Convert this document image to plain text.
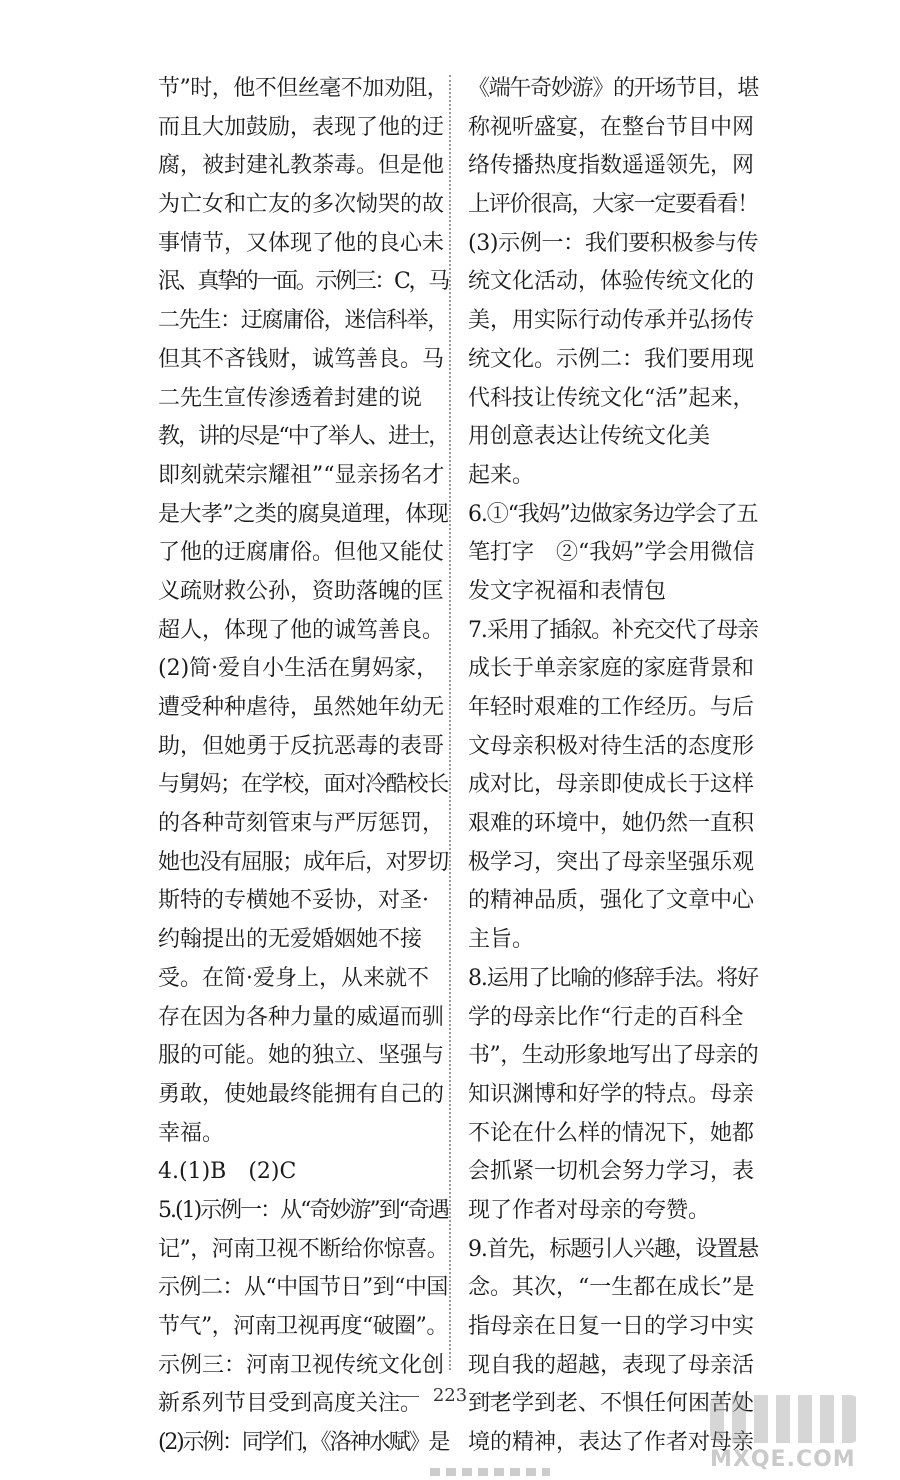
节”时，他不但丝毫不加劝阻，
而且大加鼓励，表现了他的迂
腐，被封建礼教荼毒。但是他
为亡女和亡友的多次恸哭的故
事情节，又体现了他的良心未
泯、真挚的一面。示例三：C，马
二先生：迂腐庸俗，迷信科举，
但其不吝钱财，诚笃善良。马
二先生宣传渗透着封建的说
教，讲的尽是“中了举人、进士，
即刻就荣宗耀祖”“显亲扬名才
是大孝”之类的腐臭道理，体现
了他的迂腐庸俗。但他又能仗
义疏财救公孙，资助落魄的匡
超人，体现了他的诚笃善良。
(2)简·爱自小生活在舅妈家，
遭受种种虐待，虽然她年幼无
助，但她勇于反抗恶毒的表哥
与舅妈；在学校，面对冷酷校长
的各种苛刻管束与严厉惩罚，
她也没有屈服；成年后，对罗切
斯特的专横她不妥协，对圣·
约翰提出的无爱婚姻她不接
受。在简·爱身上，从来就不
存在因为各种力量的威逼而驯
服的可能。她的独立、坚强与
勇敢，使她最终能拥有自己的
幸福。
4.(1)B　(2)C
5.(1)示例一：从“奇妙游”到“奇遇
记”，河南卫视不断给你惊喜。
示例二：从“中国节日”到“中国
节气”，河南卫视再度“破圈”。
示例三：河南卫视传统文化创
新系列节目受到高度关注。
(2)示例：同学们，《洛神水赋》是
《端午奇妙游》的开场节目，堪
称视听盛宴，在整台节目中网
络传播热度指数遥遥领先，网
上评价很高，大家一定要看看！
(3)示例一：我们要积极参与传
统文化活动，体验传统文化的
美，用实际行动传承并弘扬传
统文化。示例二：我们要用现
代科技让传统文化“活”起来，
用创意表达让传统文化美
起来。
6.①“我妈”边做家务边学会了五
笔打字　②“我妈”学会用微信
发文字祝福和表情包
7.采用了插叙。补充交代了母亲
成长于单亲家庭的家庭背景和
年轻时艰难的工作经历。与后
文母亲积极对待生活的态度形
成对比，母亲即使成长于这样
艰难的环境中，她仍然一直积
极学习，突出了母亲坚强乐观
的精神品质，强化了文章中心
主旨。
8.运用了比喻的修辞手法。将好
学的母亲比作“行走的百科全
书”，生动形象地写出了母亲的
知识渊博和好学的特点。母亲
不论在什么样的情况下，她都
会抓紧一切机会努力学习，表
现了作者对母亲的夸赞。
9.首先，标题引人兴趣，设置悬
念。其次，“一生都在成长”是
指母亲在日复一日的学习中实
现自我的超越，表现了母亲活
到老学到老、不惧任何困苦处
境的精神，表达了作者对母亲
223
MXQE.COM
